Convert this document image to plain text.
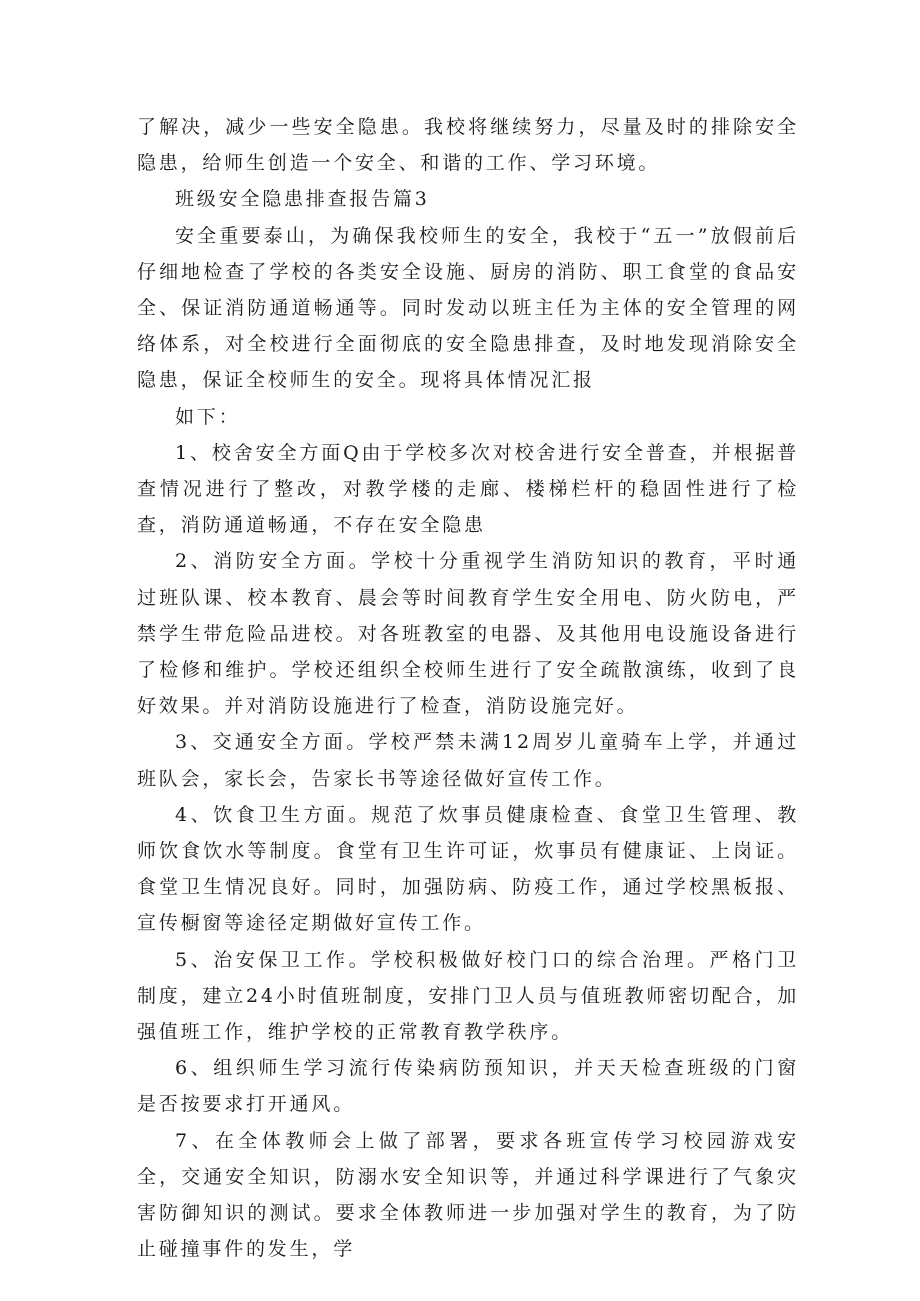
了解决，减少一些安全隐患。我校将继续努力，尽量及时的排除安全隐患，给师生创造一个安全、和谐的工作、学习环境。

班级安全隐患排查报告篇3

安全重要泰山，为确保我校师生的安全，我校于“五一”放假前后仔细地检查了学校的各类安全设施、厨房的消防、职工食堂的食品安全、保证消防通道畅通等。同时发动以班主任为主体的安全管理的网络体系，对全校进行全面彻底的安全隐患排查，及时地发现消除安全隐患，保证全校师生的安全。现将具体情况汇报

如下：

1、校舍安全方面Q由于学校多次对校舍进行安全普查，并根据普查情况进行了整改，对教学楼的走廊、楼梯栏杆的稳固性进行了检查，消防通道畅通，不存在安全隐患

2、消防安全方面。学校十分重视学生消防知识的教育，平时通过班队课、校本教育、晨会等时间教育学生安全用电、防火防电，严禁学生带危险品进校。对各班教室的电器、及其他用电设施设备进行了检修和维护。学校还组织全校师生进行了安全疏散演练，收到了良好效果。并对消防设施进行了检查，消防设施完好。

3、交通安全方面。学校严禁未满12周岁儿童骑车上学，并通过班队会，家长会，告家长书等途径做好宣传工作。

4、饮食卫生方面。规范了炊事员健康检查、食堂卫生管理、教师饮食饮水等制度。食堂有卫生许可证，炊事员有健康证、上岗证。食堂卫生情况良好。同时，加强防病、防疫工作，通过学校黑板报、宣传橱窗等途径定期做好宣传工作。

5、治安保卫工作。学校积极做好校门口的综合治理。严格门卫制度，建立24小时值班制度，安排门卫人员与值班教师密切配合，加强值班工作，维护学校的正常教育教学秩序。

6、组织师生学习流行传染病防预知识，并天天检查班级的门窗是否按要求打开通风。

7、在全体教师会上做了部署，要求各班宣传学习校园游戏安全，交通安全知识，防溺水安全知识等，并通过科学课进行了气象灾害防御知识的测试。要求全体教师进一步加强对学生的教育，为了防止碰撞事件的发生，学
